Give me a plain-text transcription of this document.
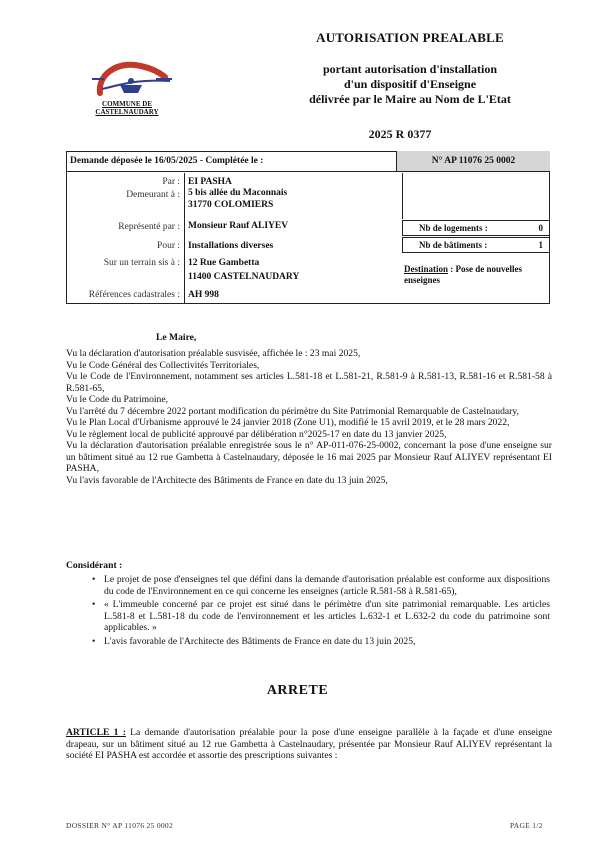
COMMUNE DE
CASTELNAUDARY
AUTORISATION PREALABLE
portant autorisation d'installation
d'un dispositif d'Enseigne
délivrée par le Maire au Nom de L'Etat
2025 R 0377
Demande déposée le 16/05/2025 - Complétée le :	N° AP 11076 25 0002
Par : EI PASHA
Demeurant à : 5 bis allée du Maconnais
31770 COLOMIERS
Représenté par : Monsieur Rauf ALIYEV
Pour : Installations diverses
Sur un terrain sis à : 12 Rue Gambetta
11400 CASTELNAUDARY
Références cadastrales : AH 998
Nb de logements :	0
Nb de bâtiments :	1
Destination : Pose de nouvelles enseignes
Le Maire,
Vu la déclaration d'autorisation préalable susvisée, affichée le : 23 mai 2025,
Vu le Code Général des Collectivités Territoriales,
Vu le Code de l'Environnement, notamment ses articles L.581-18 et L.581-21, R.581-9 à R.581-13, R.581-16 et R.581-58 à R.581-65,
Vu le Code du Patrimoine,
Vu l'arrêté du 7 décembre 2022 portant modification du périmètre du Site Patrimonial Remarquable de Castelnaudary,
Vu le Plan Local d'Urbanisme approuvé le 24 janvier 2018 (Zone U1), modifié le 15 avril 2019, et le 28 mars 2022,
Vu le règlement local de publicité approuvé par délibération n°2025-17 en date du 13 janvier 2025,
Vu la déclaration d'autorisation préalable enregistrée sous le n° AP-011-076-25-0002, concernant la pose d'une enseigne sur un bâtiment situé au 12 rue Gambetta à Castelnaudary, déposée le 16 mai 2025 par Monsieur Rauf ALIYEV représentant EI PASHA,
Vu l'avis favorable de l'Architecte des Bâtiments de France en date du 13 juin 2025,
Considérant :
• Le projet de pose d'enseignes tel que défini dans la demande d'autorisation préalable est conforme aux dispositions du code de l'Environnement en ce qui concerne les enseignes (article R.581-58 à R.581-65),
• « L'immeuble concerné par ce projet est situé dans le périmètre d'un site patrimonial remarquable. Les articles L.581-8 et L.581-18 du code de l'environnement et les articles L.632-1 et L.632-2 du code du patrimoine sont applicables. »
• L'avis favorable de l'Architecte des Bâtiments de France en date du 13 juin 2025,
ARRETE
ARTICLE 1 : La demande d'autorisation préalable pour la pose d'une enseigne parallèle à la façade et d'une enseigne drapeau, sur un bâtiment situé au 12 rue Gambetta à Castelnaudary, présentée par Monsieur Rauf ALIYEV représentant la société EI PASHA est accordée et assortie des prescriptions suivantes :
DOSSIER N° AP 11076 25 0002	PAGE 1/2
